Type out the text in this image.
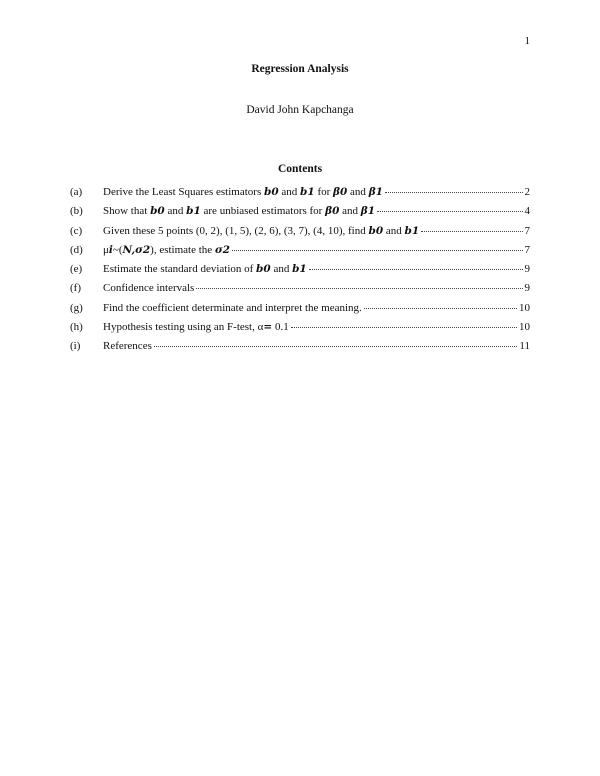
1
Regression Analysis
David John Kapchanga
Contents
(a)	Derive the Least Squares estimators b0 and b1 for β0 and β1	2
(b)	Show that b0 and b1 are unbiased estimators for β0 and β1	4
(c)	Given these 5 points (0, 2), (1, 5), (2, 6), (3, 7), (4, 10), find b0 and b1	7
(d)	μi~(N,σ2), estimate the σ2	7
(e)	Estimate the standard deviation of b0 and b1	9
(f)	Confidence intervals	9
(g)	Find the coefficient determinate and interpret the meaning.	10
(h)	Hypothesis testing using an F-test, α= 0.1	10
(i)	References	11
